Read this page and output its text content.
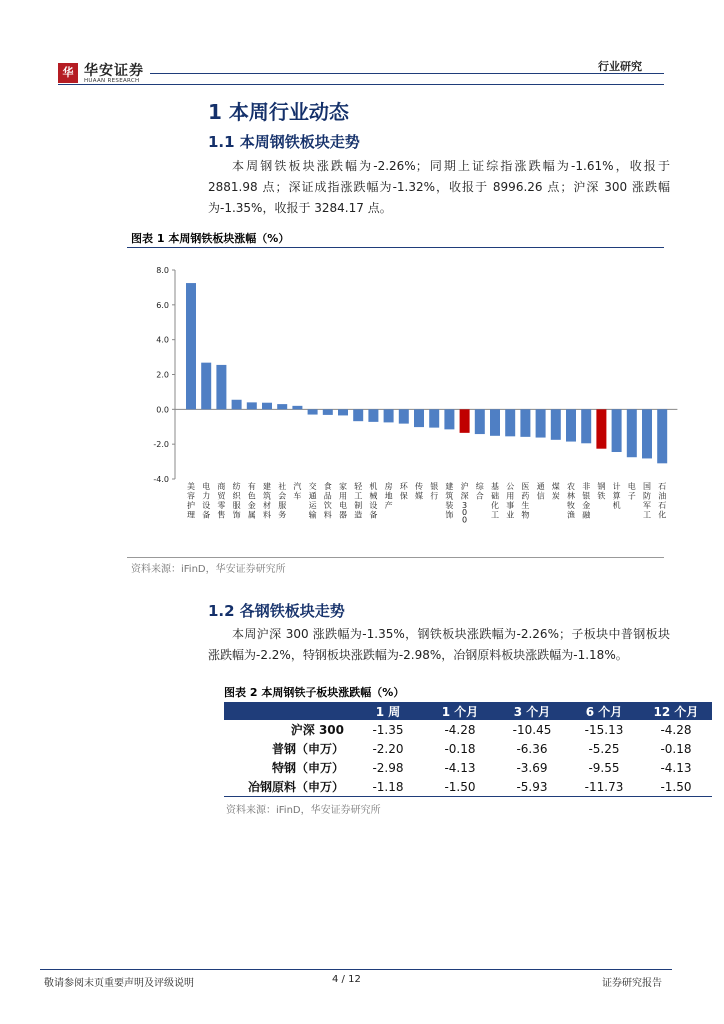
华 华安证券
HUAAN RESEARCH
行业研究
1 本周行业动态
1.1 本周钢铁板块走势
本周钢铁板块涨跌幅为-2.26%；同期上证综指涨跌幅为-1.61%，收报于 2881.98 点；深证成指涨跌幅为-1.32%，收报于 8996.26 点；沪深 300 涨跌幅为-1.35%，收报于 3284.17 点。
图表 1 本周钢铁板块涨幅（%）
8.0
6.0
4.0
2.0
0.0
-2.0
-4.0
美容护理
电力设备
商贸零售
纺织服饰
有色金属
建筑材料
社会服务
汽车
交通运输
食品饮料
家用电器
轻工制造
机械设备
房地产
环保
传媒
银行
建筑装饰
沪深 3 0 0
综合
基础化工
公用事业
医药生物
通信
煤炭
农林牧渔
非银金融
钢铁
计算机
电子
国防军工
石油石化
资料来源：iFinD，华安证券研究所
1.2 各钢铁板块走势
本周沪深 300 涨跌幅为-1.35%，钢铁板块涨跌幅为-2.26%；子板块中普钢板块涨跌幅为-2.2%，特钢板块涨跌幅为-2.98%，冶钢原料板块涨跌幅为-1.18%。
图表 2 本周钢铁子板块涨跌幅（%）
	1 周	1 个月	3 个月	6 个月	12 个月
沪深 300	-1.35	-4.28	-10.45	-15.13	-4.28
普钢（申万）	-2.20	-0.18	-6.36	-5.25	-0.18
特钢（申万）	-2.98	-4.13	-3.69	-9.55	-4.13
冶钢原料（申万）	-1.18	-1.50	-5.93	-11.73	-1.50
资料来源：iFinD，华安证券研究所
敬请参阅末页重要声明及评级说明	4 / 12	证券研究报告
